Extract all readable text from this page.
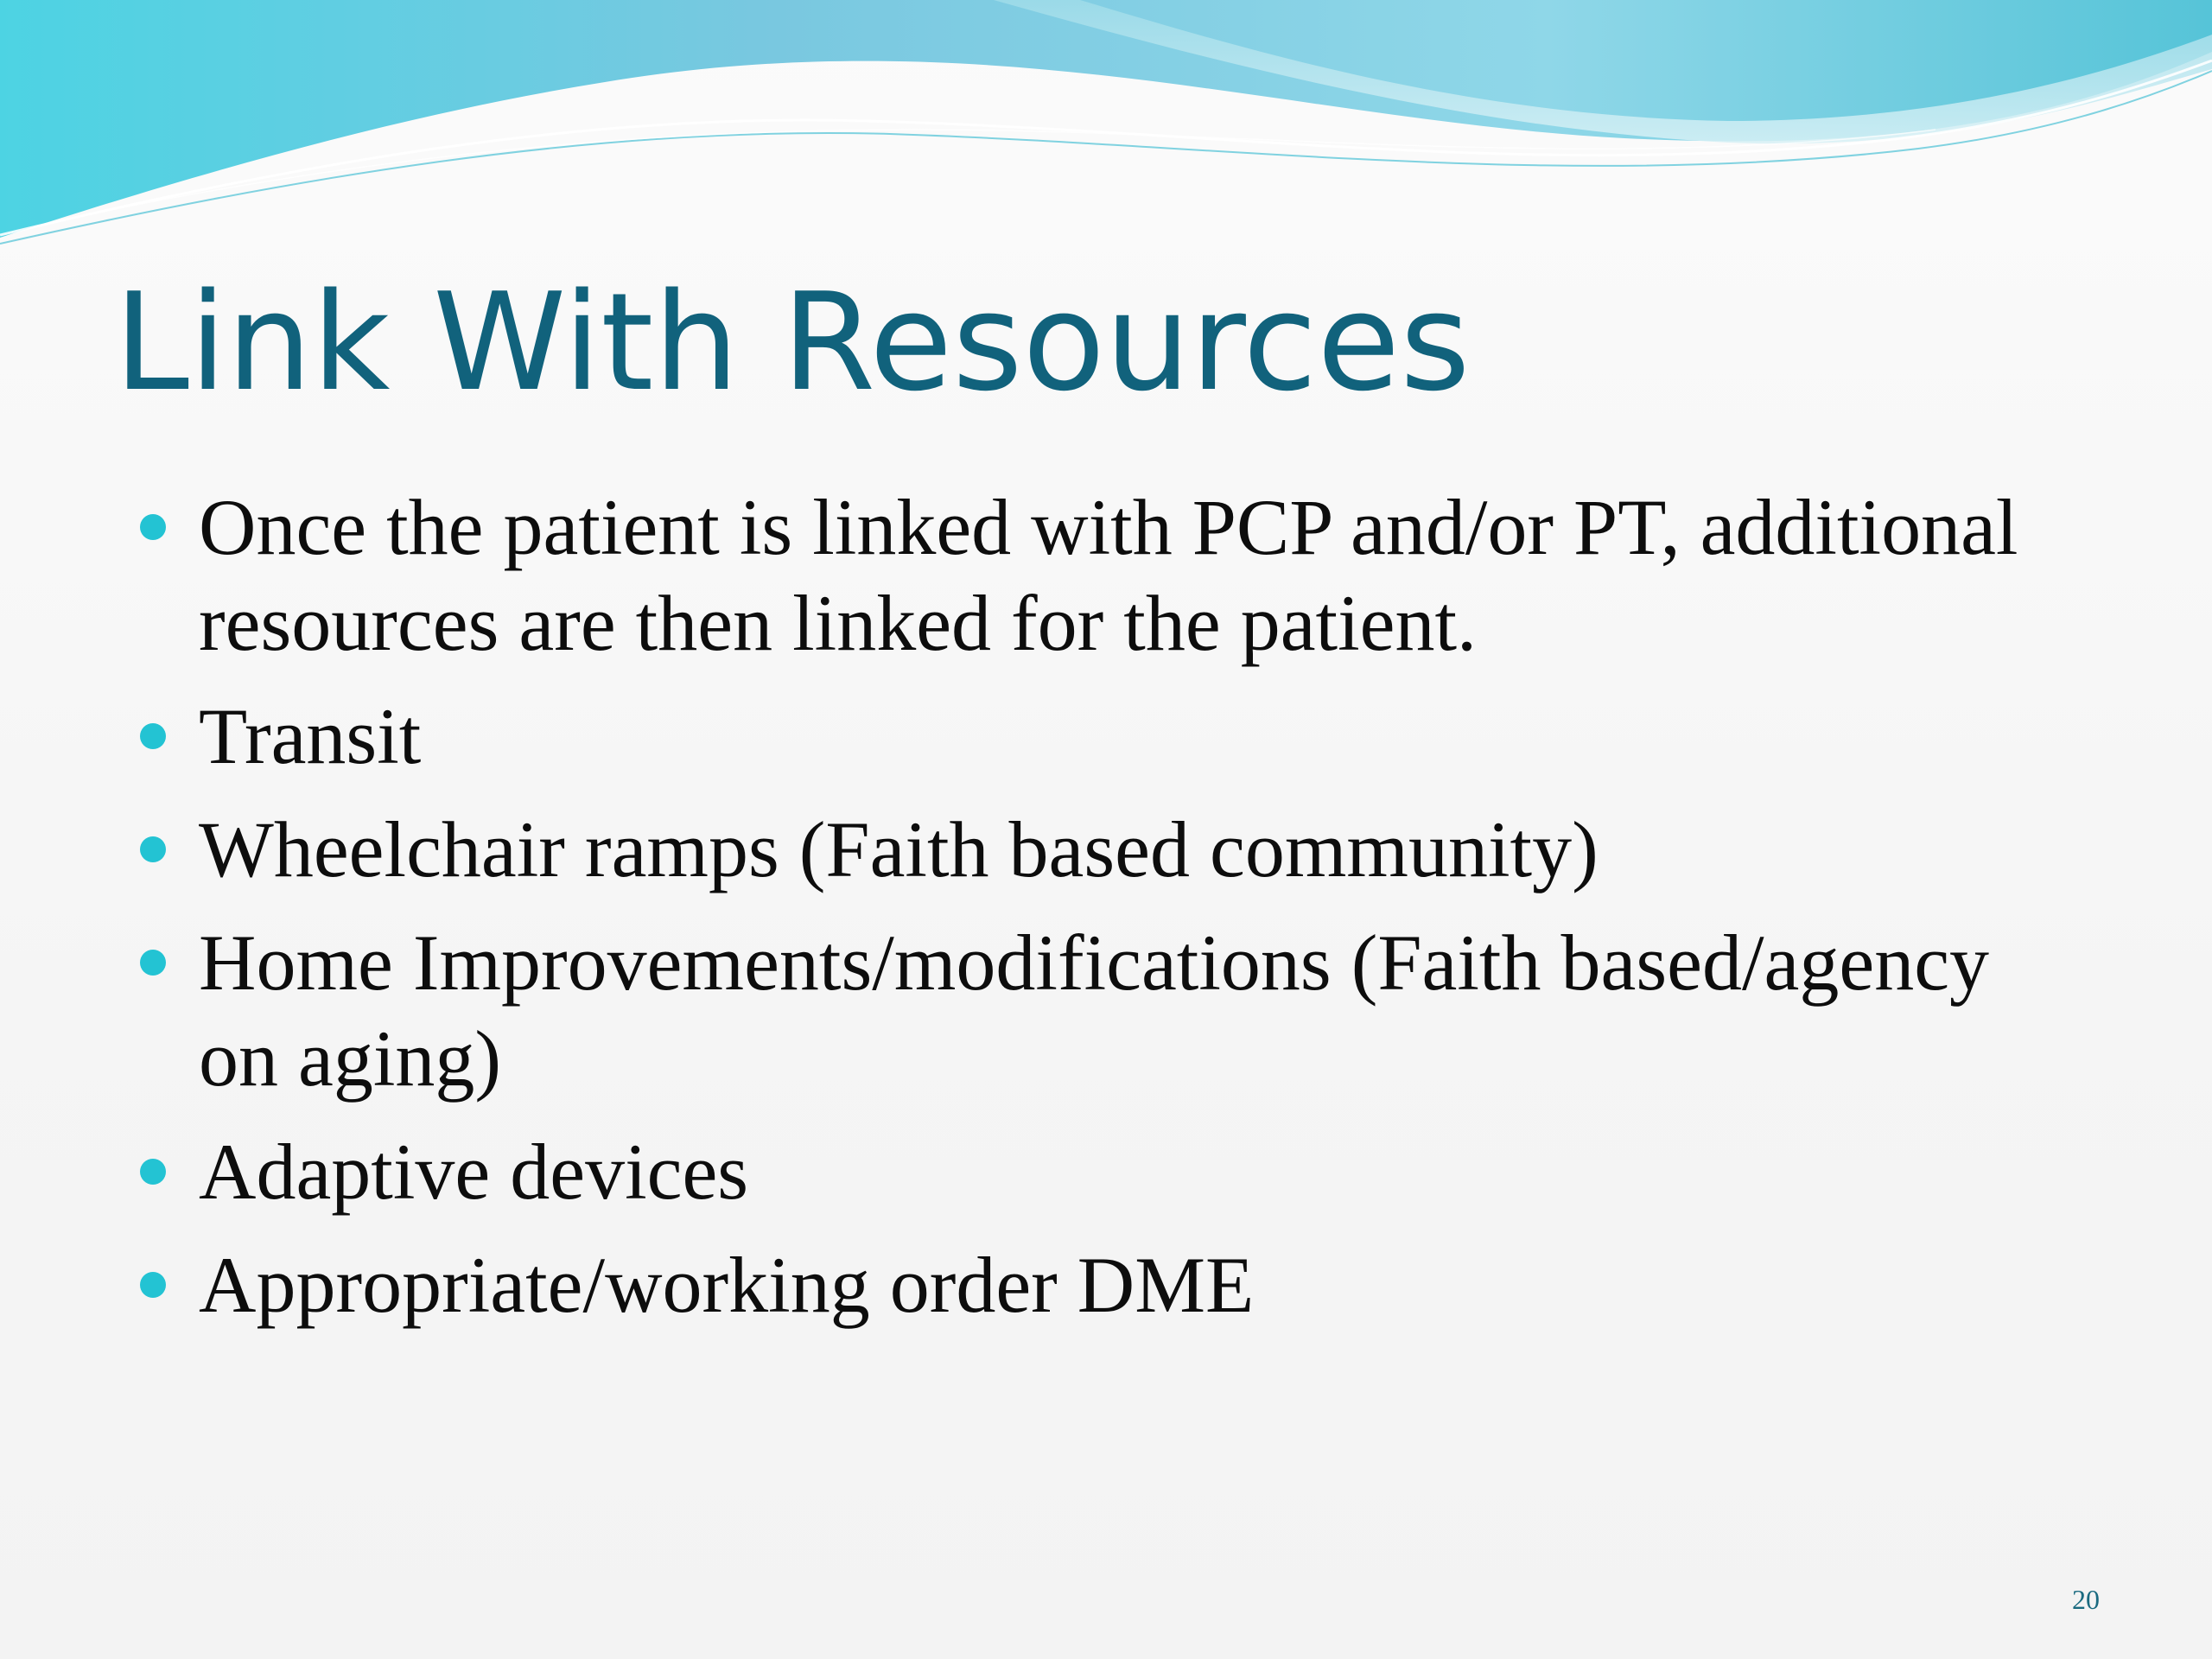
Link With Resources
Once the patient is linked with PCP and/or PT, additional resources are then linked for the patient.
Transit
Wheelchair ramps (Faith based community)
Home Improvements/modifications (Faith based/agency on aging)
Adaptive devices
Appropriate/working order DME
20
